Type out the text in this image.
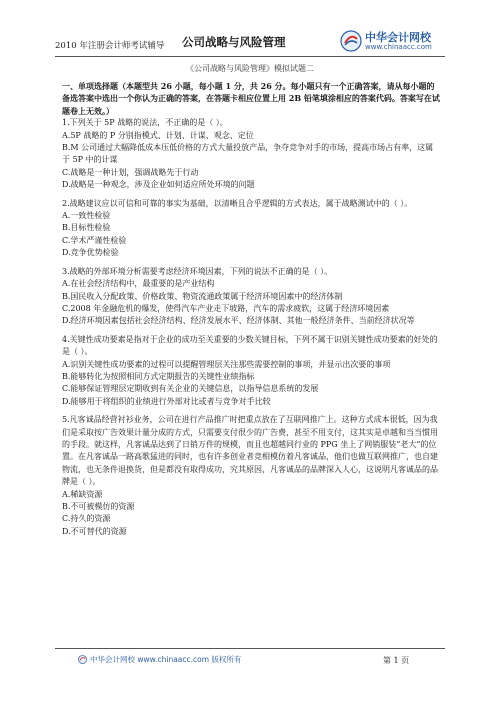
2010 年注册会计师考试辅导 公司战略与风险管理	中华会计网校
www.chinaacc.com
《公司战略与风险管理》模拟试题二

一、单项选择题（本题型共 26 小题，每小题 1 分，共 26 分。每小题只有一个正确答案，请从每小题的备选答案中选出一个你认为正确的答案，在答题卡相应位置上用 2B 铅笔填涂相应的答案代码。答案写在试题卷上无效。）

1.下列关于 5P 战略的说法，不正确的是（ ）。

A.5P 战略的 P 分别指模式、计划、计谋、观念、定位

B.M 公司通过大幅降低成本压低价格的方式大量投放产品，争夺竞争对手的市场，提高市场占有率，这属于 5P 中的计谋

C.战略是一种计划，强调战略先于行动

D.战略是一种观念，涉及企业如何适应所处环境的问题

2.战略建议应以可信和可靠的事实为基础，以清晰且合乎逻辑的方式表达，属于战略测试中的（ ）。

A.一致性检验

B.目标性检验

C.学术严谨性检验

D.竞争优势检验

3.战略的外部环境分析需要考虑经济环境因素，下列的说法不正确的是（ ）。

A.在社会经济结构中，最重要的是产业结构

B.国民收入分配政策、价格政策、物资流通政策属于经济环境因素中的经济体制

C.2008 年金融危机的爆发，使得汽车产业走下坡路，汽车的需求疲软，这属于经济环境因素

D.经济环境因素包括社会经济结构、经济发展水平、经济体制、其他一般经济条件、当前经济状况等

4.关键性成功要素是指对于企业的成功至关重要的少数关键目标，下列不属于识别关键性成功要素的好处的是（ ）。

A.识别关键性成功要素的过程可以提醒管理层关注那些需要控制的事项，并显示出次要的事项

B.能够转化为按照相同方式定期报告的关键性业绩指标

C.能够保证管理层定期收到有关企业的关键信息，以指导信息系统的发展

D.能够用于将组织的业绩进行外部对比或者与竞争对手比较

5.凡客诚品经营衬衫业务，公司在进行产品推广时把重点放在了互联网推广上。这种方式成本很低，因为我们是采取按广告效果计量分成的方式，只需要支付很少的广告费，甚至不用支付，这其实是卓越和当当惯用的手段。就这样，凡客诚品达到了日销万件的规模，而且也超越同行业的 PPG 坐上了网销服装“老大”的位置。在凡客诚品一路高歌猛进的同时，也有许多创业者竞相模仿着凡客诚品，他们也做互联网推广，也自建物流，也无条件退换货，但是都没有取得成功，究其原因，凡客诚品的品牌深入人心，这说明凡客诚品的品牌是（ ）。

A.稀缺资源

B.不可被模仿的资源

C.持久的资源

D.不可替代的资源

中华会计网校 www.chinaacc.com 版权所有	第 1 页
